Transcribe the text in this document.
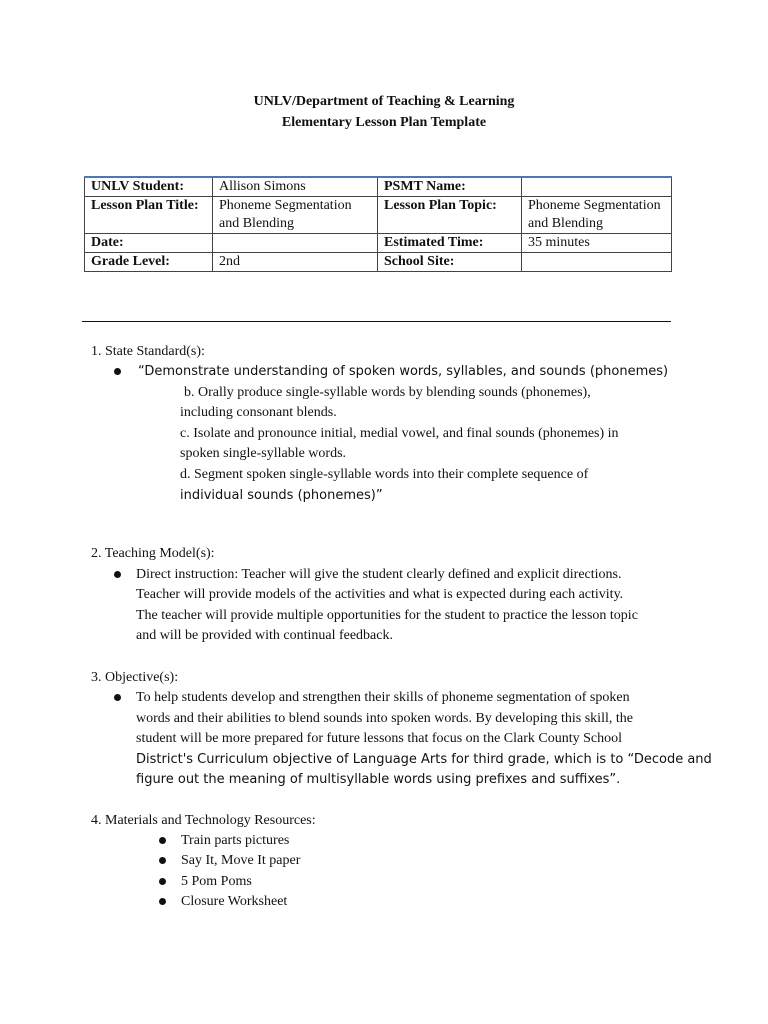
UNLV/Department of Teaching & Learning
Elementary Lesson Plan Template
UNLV Student:	Allison Simons	PSMT Name:	
Lesson Plan Title:	Phoneme Segmentation and Blending	Lesson Plan Topic:	Phoneme Segmentation and Blending
Date:		Estimated Time:	35 minutes
Grade Level:	2nd	School Site:	
1. State Standard(s):
“Demonstrate understanding of spoken words, syllables, and sounds (phonemes)
b. Orally produce single-syllable words by blending sounds (phonemes),
including consonant blends.
c. Isolate and pronounce initial, medial vowel, and final sounds (phonemes) in
spoken single-syllable words.
d. Segment spoken single-syllable words into their complete sequence of
individual sounds (phonemes)”
2. Teaching Model(s):
Direct instruction: Teacher will give the student clearly defined and explicit directions.
Teacher will provide models of the activities and what is expected during each activity.
The teacher will provide multiple opportunities for the student to practice the lesson topic
and will be provided with continual feedback.
3. Objective(s):
To help students develop and strengthen their skills of phoneme segmentation of spoken
words and their abilities to blend sounds into spoken words. By developing this skill, the
student will be more prepared for future lessons that focus on the Clark County School
District's Curriculum objective of Language Arts for third grade, which is to “Decode and
figure out the meaning of multisyllable words using prefixes and suffixes”.
4. Materials and Technology Resources:
Train parts pictures
Say It, Move It paper
5 Pom Poms
Closure Worksheet
